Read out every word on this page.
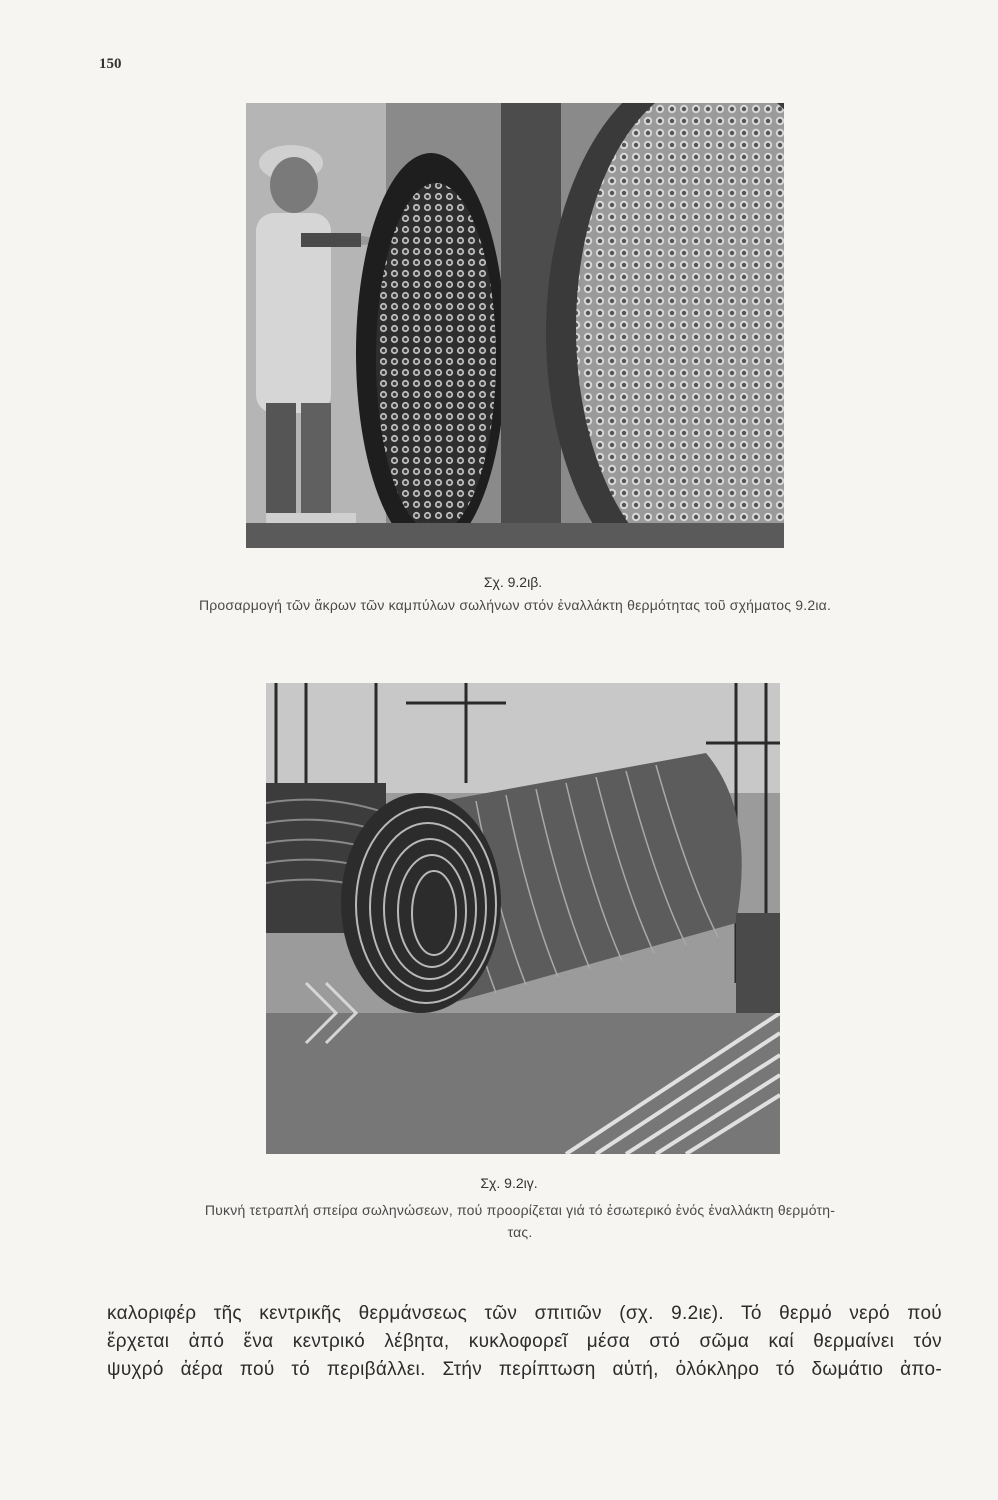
150
Σχ. 9.2ιβ.
Προσαρμογή τῶν ἄκρων τῶν καμπύλων σωλήνων στόν ἐναλλάκτη θερμότητας τοῦ σχήματος 9.2ια.
Σχ. 9.2ιγ.
Πυκνή τετραπλή σπείρα σωληνώσεων, πού προορίζεται γιά τό ἐσωτερικό ἑνός ἐναλλάκτη θερμότη-
τας.
καλοριφέρ τῆς κεντρικῆς θερμάνσεως τῶν σπιτιῶν (σχ. 9.2ιε). Τό θερμό νερό πού
ἔρχεται ἀπό ἕνα κεντρικό λέβητα, κυκλοφορεῖ μέσα στό σῶμα καί θερμαίνει τόν
ψυχρό ἀέρα πού τό περιβάλλει. Στήν περίπτωση αὐτή, ὁλόκληρο τό δωμάτιο ἀπο-
